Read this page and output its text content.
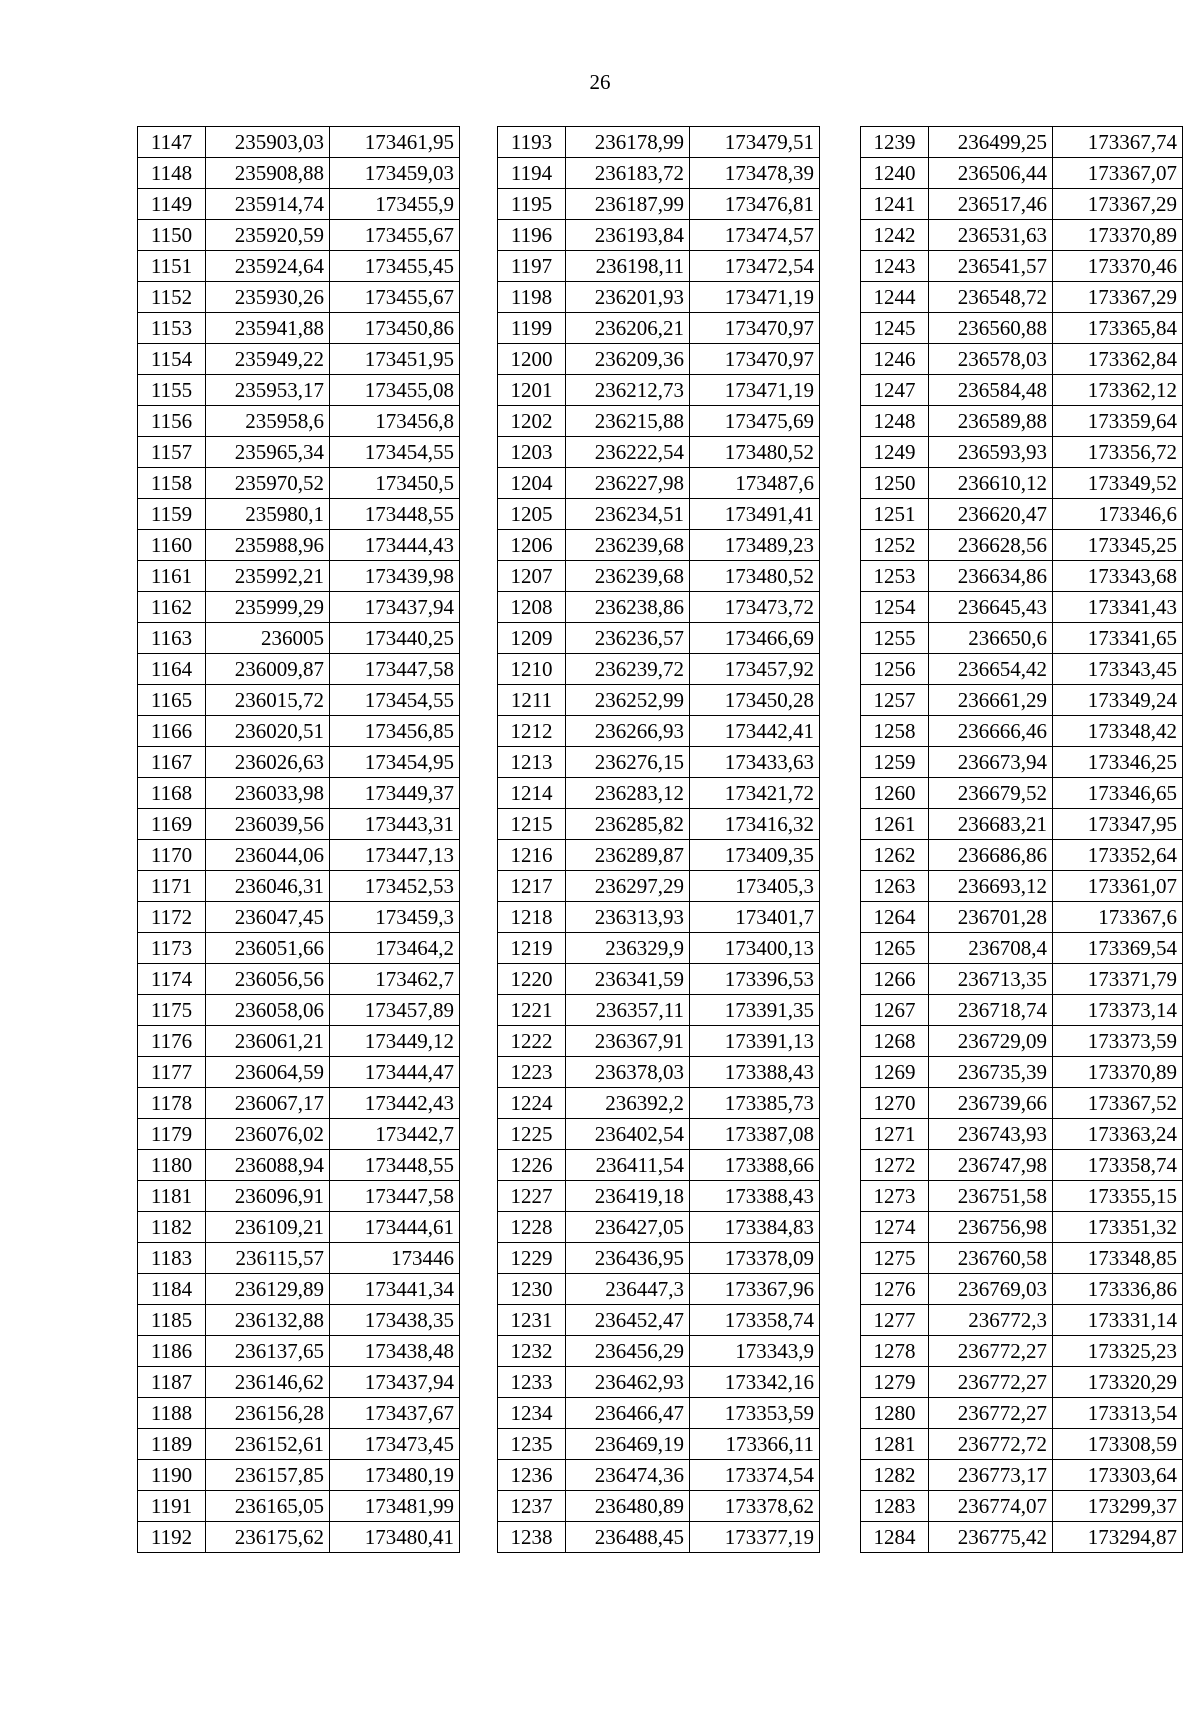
26
1147	235903,03	173461,95
1148	235908,88	173459,03
1149	235914,74	173455,9
1150	235920,59	173455,67
1151	235924,64	173455,45
1152	235930,26	173455,67
1153	235941,88	173450,86
1154	235949,22	173451,95
1155	235953,17	173455,08
1156	235958,6	173456,8
1157	235965,34	173454,55
1158	235970,52	173450,5
1159	235980,1	173448,55
1160	235988,96	173444,43
1161	235992,21	173439,98
1162	235999,29	173437,94
1163	236005	173440,25
1164	236009,87	173447,58
1165	236015,72	173454,55
1166	236020,51	173456,85
1167	236026,63	173454,95
1168	236033,98	173449,37
1169	236039,56	173443,31
1170	236044,06	173447,13
1171	236046,31	173452,53
1172	236047,45	173459,3
1173	236051,66	173464,2
1174	236056,56	173462,7
1175	236058,06	173457,89
1176	236061,21	173449,12
1177	236064,59	173444,47
1178	236067,17	173442,43
1179	236076,02	173442,7
1180	236088,94	173448,55
1181	236096,91	173447,58
1182	236109,21	173444,61
1183	236115,57	173446
1184	236129,89	173441,34
1185	236132,88	173438,35
1186	236137,65	173438,48
1187	236146,62	173437,94
1188	236156,28	173437,67
1189	236152,61	173473,45
1190	236157,85	173480,19
1191	236165,05	173481,99
1192	236175,62	173480,41
1193	236178,99	173479,51
1194	236183,72	173478,39
1195	236187,99	173476,81
1196	236193,84	173474,57
1197	236198,11	173472,54
1198	236201,93	173471,19
1199	236206,21	173470,97
1200	236209,36	173470,97
1201	236212,73	173471,19
1202	236215,88	173475,69
1203	236222,54	173480,52
1204	236227,98	173487,6
1205	236234,51	173491,41
1206	236239,68	173489,23
1207	236239,68	173480,52
1208	236238,86	173473,72
1209	236236,57	173466,69
1210	236239,72	173457,92
1211	236252,99	173450,28
1212	236266,93	173442,41
1213	236276,15	173433,63
1214	236283,12	173421,72
1215	236285,82	173416,32
1216	236289,87	173409,35
1217	236297,29	173405,3
1218	236313,93	173401,7
1219	236329,9	173400,13
1220	236341,59	173396,53
1221	236357,11	173391,35
1222	236367,91	173391,13
1223	236378,03	173388,43
1224	236392,2	173385,73
1225	236402,54	173387,08
1226	236411,54	173388,66
1227	236419,18	173388,43
1228	236427,05	173384,83
1229	236436,95	173378,09
1230	236447,3	173367,96
1231	236452,47	173358,74
1232	236456,29	173343,9
1233	236462,93	173342,16
1234	236466,47	173353,59
1235	236469,19	173366,11
1236	236474,36	173374,54
1237	236480,89	173378,62
1238	236488,45	173377,19
1239	236499,25	173367,74
1240	236506,44	173367,07
1241	236517,46	173367,29
1242	236531,63	173370,89
1243	236541,57	173370,46
1244	236548,72	173367,29
1245	236560,88	173365,84
1246	236578,03	173362,84
1247	236584,48	173362,12
1248	236589,88	173359,64
1249	236593,93	173356,72
1250	236610,12	173349,52
1251	236620,47	173346,6
1252	236628,56	173345,25
1253	236634,86	173343,68
1254	236645,43	173341,43
1255	236650,6	173341,65
1256	236654,42	173343,45
1257	236661,29	173349,24
1258	236666,46	173348,42
1259	236673,94	173346,25
1260	236679,52	173346,65
1261	236683,21	173347,95
1262	236686,86	173352,64
1263	236693,12	173361,07
1264	236701,28	173367,6
1265	236708,4	173369,54
1266	236713,35	173371,79
1267	236718,74	173373,14
1268	236729,09	173373,59
1269	236735,39	173370,89
1270	236739,66	173367,52
1271	236743,93	173363,24
1272	236747,98	173358,74
1273	236751,58	173355,15
1274	236756,98	173351,32
1275	236760,58	173348,85
1276	236769,03	173336,86
1277	236772,3	173331,14
1278	236772,27	173325,23
1279	236772,27	173320,29
1280	236772,27	173313,54
1281	236772,72	173308,59
1282	236773,17	173303,64
1283	236774,07	173299,37
1284	236775,42	173294,87
